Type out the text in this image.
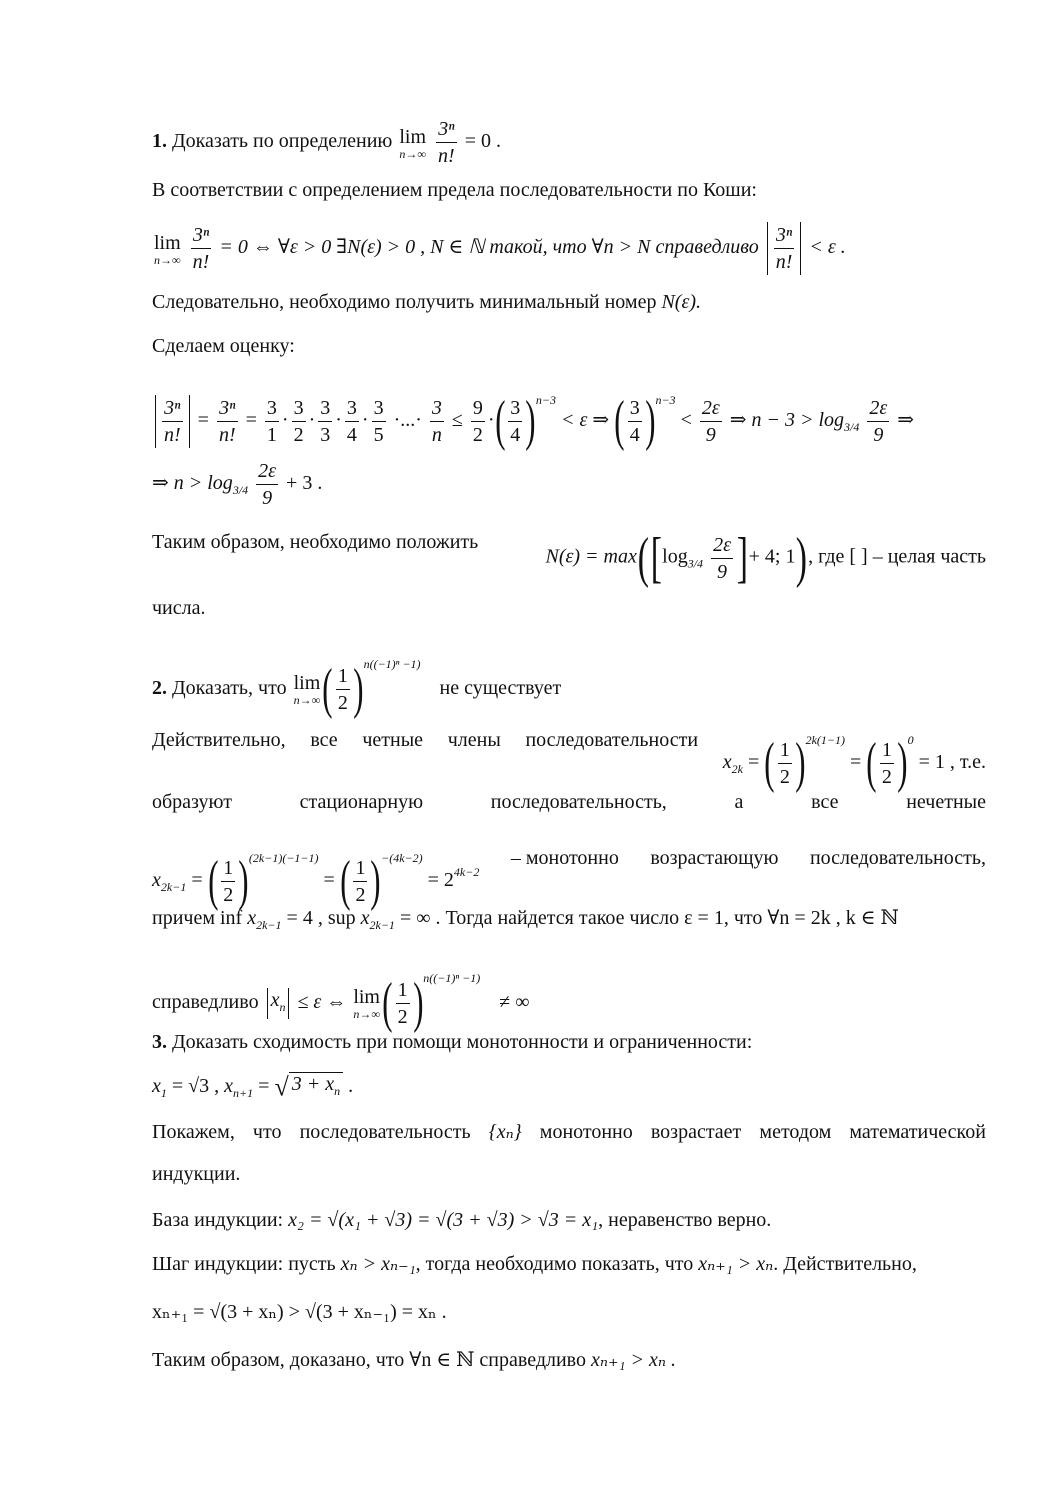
1. Доказать по определению lim
n→∞
$\frac{\text{3ⁿ}}{n!} = 0$ .
В соответствии с определением предела последовательности по Коши:
lim
n→∞
$\frac{\text{3ⁿ}}{n!} = 0$ ⇔ ∀ε > 0 ∃N(ε) > 0 , N ∈ ℕ такой, что ∀n > N справедливо $\frac{\text{3ⁿ}}{n!} < \varepsilon$ .
Следовательно, необходимо получить минимальный номер N(ε).
Сделаем оценку:
$\frac{\text{3ⁿ}}{n!} = \frac{\text{3ⁿ}}{n!} = \frac{3}{1} \cdot \frac{3}{2} \cdot \frac{3}{3} \cdot \frac{3}{4} \cdot \frac{3}{5}$ ·...· $\frac{3}{n} \le \frac{9}{2}$ ·( $\frac{3}{4} )^{n-3} < \varepsilon$ ⇒ ( $\frac{3}{4} )^{n-3} < \frac{2\varepsilon}{9}$ ⇒ $n - 3 > \log_{3/4} \frac{2\varepsilon}{9}$ ⇒
⇒ $n > \log_{3/4} \frac{2\varepsilon}{9} + 3$ .
Таким образом, необходимо положить
$N(\varepsilon) = \max([\log_{3/4} \frac{2\varepsilon}{9}$ ]+ 4; 1), где [ ] – целая часть
числа.
2. Доказать, что lim
n→∞ ( $\frac{1}{2} )^{n((-1)^n -1)}$ не существует
Действительно, все четные члены последовательности
$x_{2k}$ = ( $\frac{1}{2} )^{2k(1-1)}$ = ( $\frac{1}{2} )^0 = 1$ , т.е.
образуют	стационарную	последовательность,	а	все	нечетные
$x_{2k-1}$ = ( $\frac{1}{2} )^{(2k-1)(-1-1)}$ = ( $\frac{1}{2} )^{-(4k-2)} = 2^{4k-2}$
– монотонно возрастающую последовательность,
причем inf $x_{2k-1} = 4$ , sup $x_{2k-1}$ = ∞ . Тогда найдется такое число ε = 1, что ∀n = 2k , k ∈ ℕ
справедливо $x_n \le \varepsilon$ ⇔ lim
n→∞ ( $\frac{1}{2} )^{n((-1)^n -1)}$ ≠ ∞
3. Доказать сходимость при помощи монотонности и ограниченности:
$x_1 = √3$ , $x_{n+1}$ = √ $3 + x_n$ .
Покажем, что последовательность {xₙ} монотонно возрастает методом математической
индукции.
База индукции: x₂ = √(x₁ + √3) = √(3 + √3) > √3 = x₁, неравенство верно.
Шаг индукции: пусть xₙ > xₙ₋₁, тогда необходимо показать, что xₙ₊₁ > xₙ. Действительно,
xₙ₊₁ = √(3 + xₙ) > √(3 + xₙ₋₁) = xₙ .
Таким образом, доказано, что ∀n ∈ ℕ справедливо xₙ₊₁ > xₙ .
